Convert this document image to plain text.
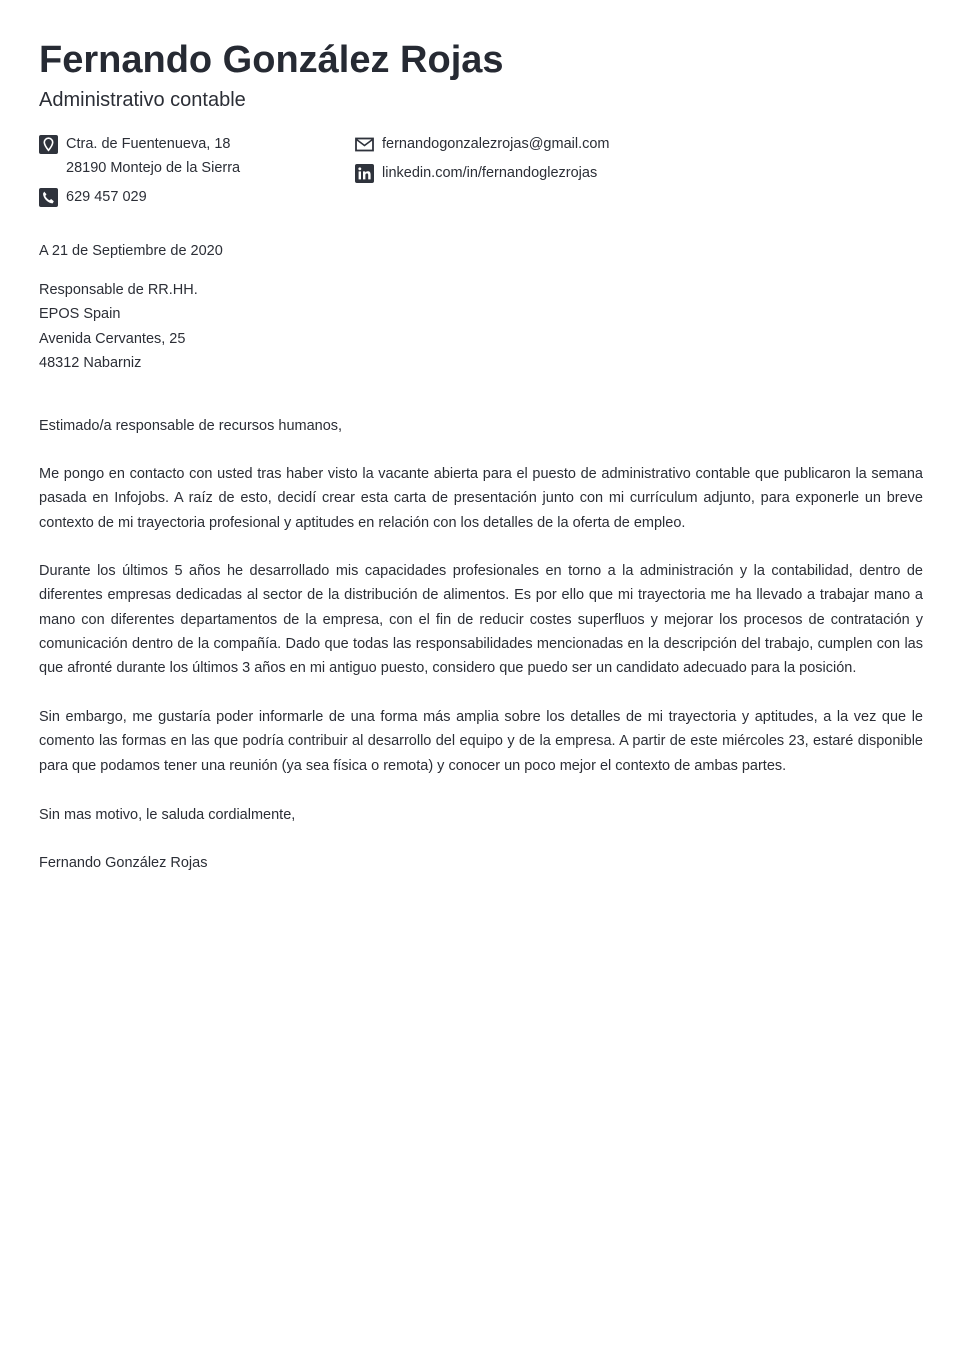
Fernando González Rojas
Administrativo contable
Ctra. de Fuentenueva, 18
28190 Montejo de la Sierra
629 457 029
fernandogonzalezrojas@gmail.com
linkedin.com/in/fernandoglezrojas
A 21 de Septiembre de 2020
Responsable de RR.HH.
EPOS Spain
Avenida Cervantes, 25
48312 Nabarniz
Estimado/a responsable de recursos humanos,
Me pongo en contacto con usted tras haber visto la vacante abierta para el puesto de administrativo contable que publicaron la semana pasada en Infojobs. A raíz de esto, decidí crear esta carta de presentación junto con mi currículum adjunto, para exponerle un breve contexto de mi trayectoria profesional y aptitudes en relación con los detalles de la oferta de empleo.
Durante los últimos 5 años he desarrollado mis capacidades profesionales en torno a la administración y la contabilidad, dentro de diferentes empresas dedicadas al sector de la distribución de alimentos. Es por ello que mi trayectoria me ha llevado a trabajar mano a mano con diferentes departamentos de la empresa, con el fin de reducir costes superfluos y mejorar los procesos de contratación y comunicación dentro de la compañía. Dado que todas las responsabilidades mencionadas en la descripción del trabajo, cumplen con las que afronté durante los últimos 3 años en mi antiguo puesto, considero que puedo ser un candidato adecuado para la posición.
Sin embargo, me gustaría poder informarle de una forma más amplia sobre los detalles de mi trayectoria y aptitudes, a la vez que le comento las formas en las que podría contribuir al desarrollo del equipo y de la empresa. A partir de este miércoles 23, estaré disponible para que podamos tener una reunión (ya sea física o remota) y conocer un poco mejor el contexto de ambas partes.
Sin mas motivo, le saluda cordialmente,
Fernando González Rojas
